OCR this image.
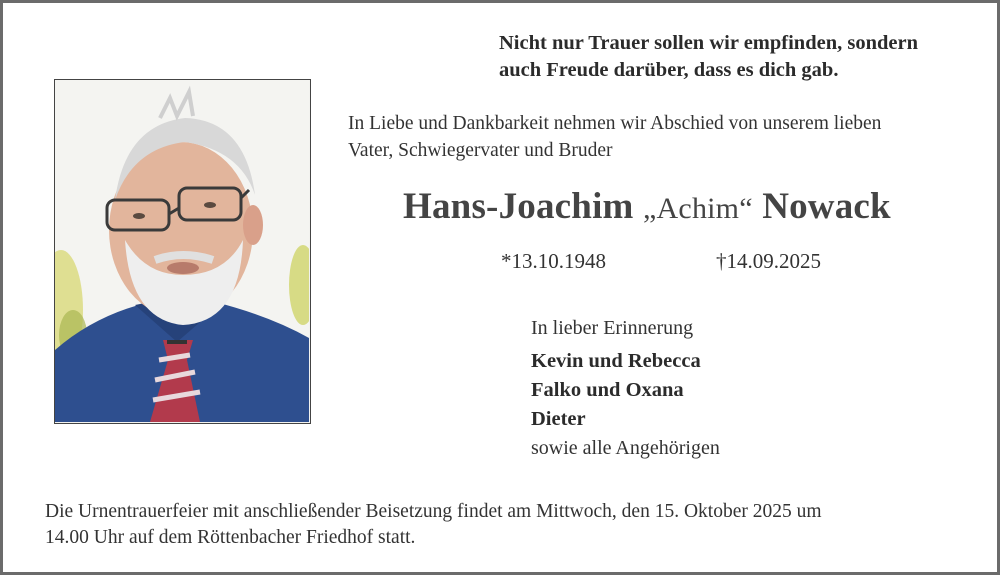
Nicht nur Trauer sollen wir empfinden, sondern
auch Freude darüber, dass es dich gab.
In Liebe und Dankbarkeit nehmen wir Abschied von unserem lieben
Vater, Schwiegervater und Bruder
Hans-Joachim „Achim“ Nowack
*13.10.1948	†14.09.2025
In lieber Erinnerung
Kevin und Rebecca
Falko und Oxana
Dieter
sowie alle Angehörigen
Die Urnentrauerfeier mit anschließender Beisetzung findet am Mittwoch, den 15. Oktober 2025 um
14.00 Uhr auf dem Röttenbacher Friedhof statt.
